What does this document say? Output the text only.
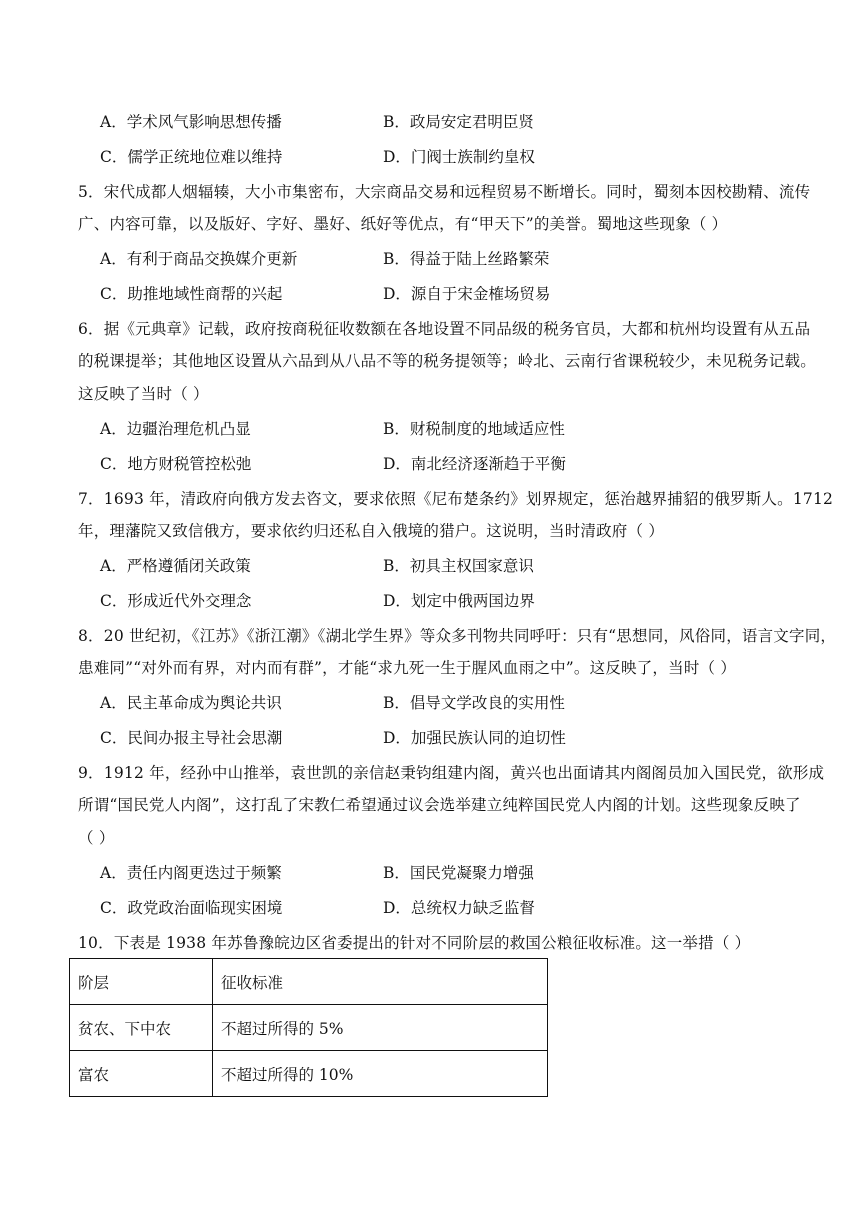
A．学术风气影响思想传播	B．政局安定君明臣贤
C．儒学正统地位难以维持	D．门阀士族制约皇权
5．宋代成都人烟辐辏，大小市集密布，大宗商品交易和远程贸易不断增长。同时，蜀刻本因校勘精、流传
广、内容可靠，以及版好、字好、墨好、纸好等优点，有“甲天下”的美誉。蜀地这些现象（ ）
A．有利于商品交换媒介更新	B．得益于陆上丝路繁荣
C．助推地域性商帮的兴起	D．源自于宋金榷场贸易
6．据《元典章》记载，政府按商税征收数额在各地设置不同品级的税务官员，大都和杭州均设置有从五品
的税课提举；其他地区设置从六品到从八品不等的税务提领等；岭北、云南行省课税较少，未见税务记载。
这反映了当时（ ）
A．边疆治理危机凸显	B．财税制度的地域适应性
C．地方财税管控松弛	D．南北经济逐渐趋于平衡
7．1693 年，清政府向俄方发去咨文，要求依照《尼布楚条约》划界规定，惩治越界捕貂的俄罗斯人。1712
年，理藩院又致信俄方，要求依约归还私自入俄境的猎户。这说明，当时清政府（ ）
A．严格遵循闭关政策	B．初具主权国家意识
C．形成近代外交理念	D．划定中俄两国边界
8．20 世纪初，《江苏》《浙江潮》《湖北学生界》等众多刊物共同呼吁：只有“思想同，风俗同，语言文字同，
患难同”“对外而有界，对内而有群”，才能“求九死一生于腥风血雨之中”。这反映了，当时（ ）
A．民主革命成为舆论共识	B．倡导文学改良的实用性
C．民间办报主导社会思潮	D．加强民族认同的迫切性
9．1912 年，经孙中山推举，袁世凯的亲信赵秉钧组建内阁，黄兴也出面请其内阁阁员加入国民党，欲形成
所谓“国民党人内阁”，这打乱了宋教仁希望通过议会选举建立纯粹国民党人内阁的计划。这些现象反映了
（ ）
A．责任内阁更迭过于频繁	B．国民党凝聚力增强
C．政党政治面临现实困境	D．总统权力缺乏监督
10．下表是 1938 年苏鲁豫皖边区省委提出的针对不同阶层的救国公粮征收标准。这一举措（ ）
阶层	征收标准
贫农、下中农	不超过所得的 5%
富农	不超过所得的 10%
